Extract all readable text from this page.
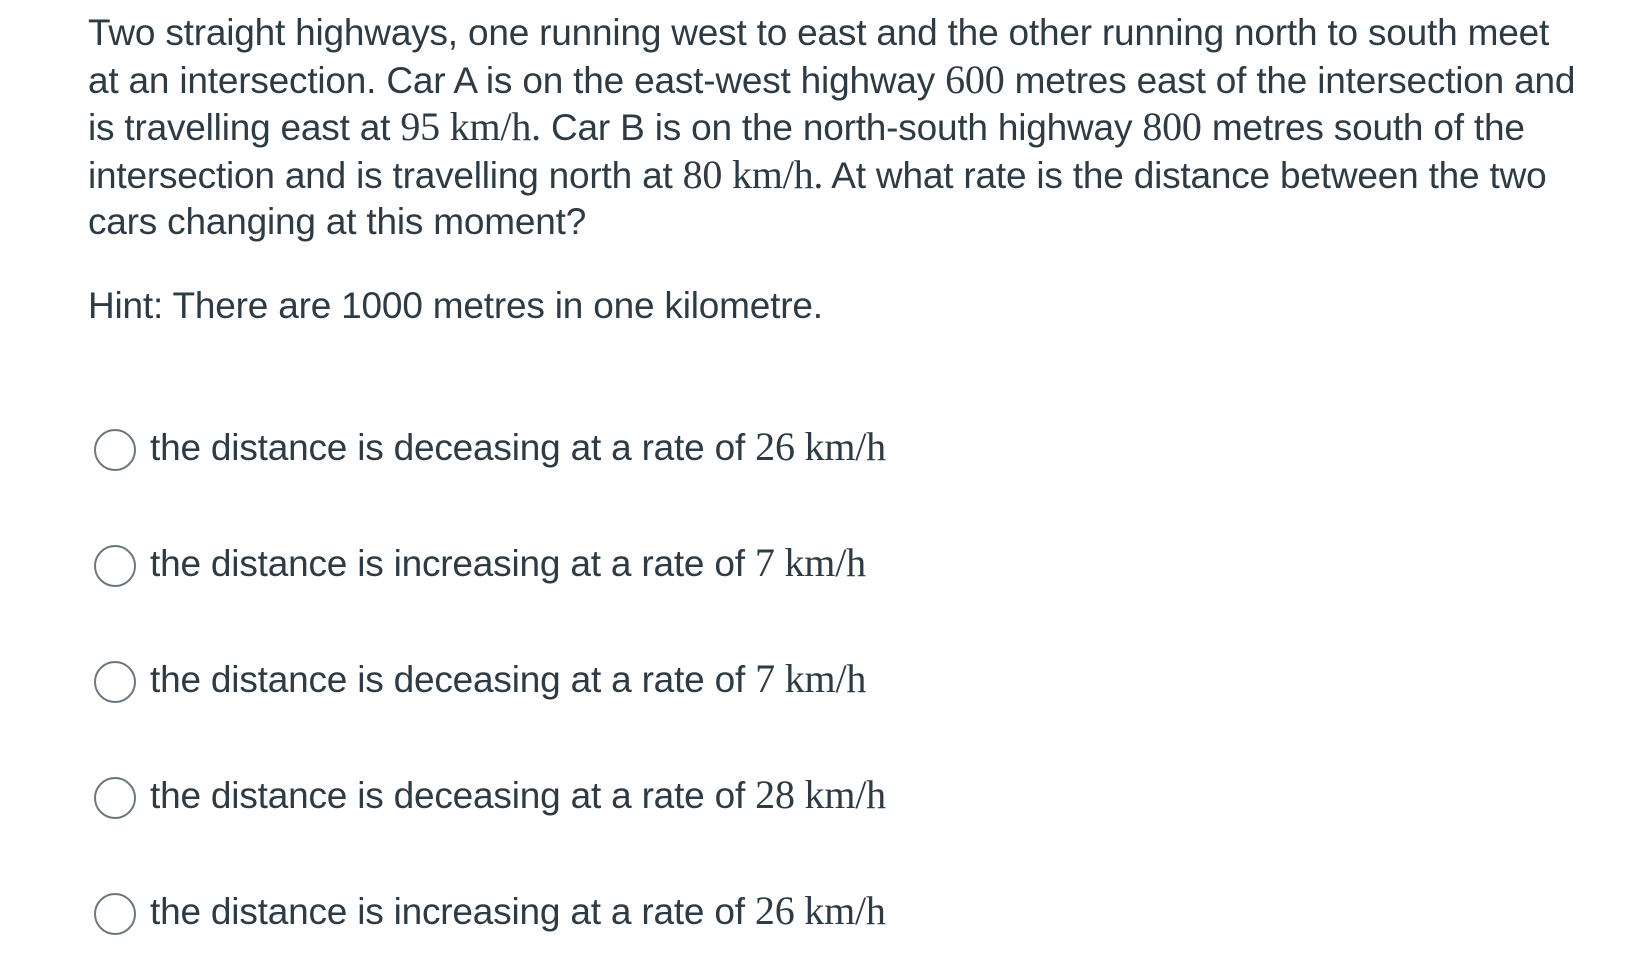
Two straight highways, one running west to east and the other running north to south meet at an intersection. Car A is on the east-west highway 600 metres east of the intersection and is travelling east at 95 km/h. Car B is on the north-south highway 800 metres south of the intersection and is travelling north at 80 km/h. At what rate is the distance between the two cars changing at this moment?

Hint: There are 1000 metres in one kilometre.

the distance is deceasing at a rate of 26 km/h
the distance is increasing at a rate of 7 km/h
the distance is deceasing at a rate of 7 km/h
the distance is deceasing at a rate of 28 km/h
the distance is increasing at a rate of 26 km/h
